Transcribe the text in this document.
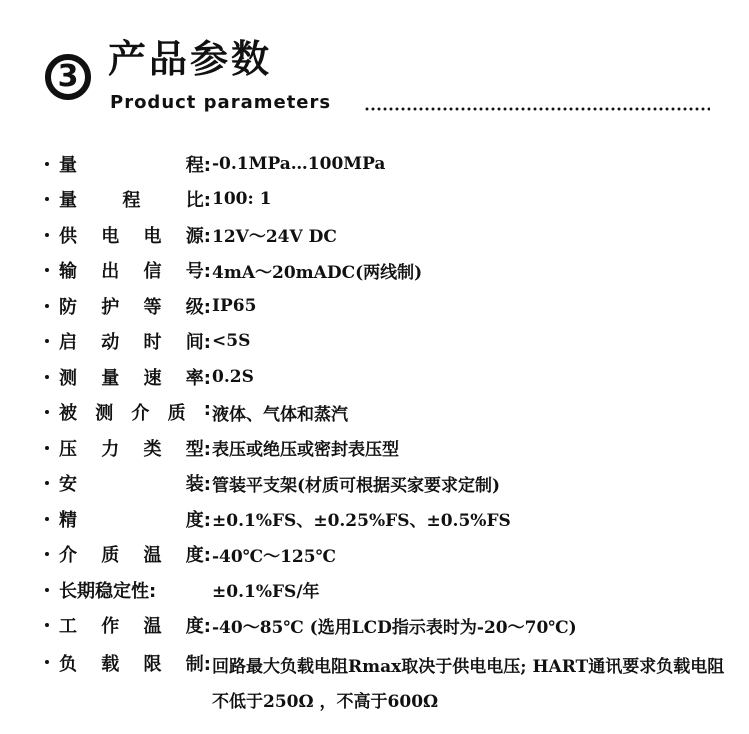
3 产品参数
Product parameters
量	程: -0.1MPa…100MPa
量	程	比: 100: 1
供 电 电 源: 12V～24V DC
输 出 信 号: 4mA～20mADC(两线制)
防 护 等 级: IP65
启 动 时 间: <5S
测 量 速 率: 0.2S
被 测 介 质 : 液体、气体和蒸汽
压 力 类 型: 表压或绝压或密封表压型
安	装: 管装平支架(材质可根据买家要求定制)
精	度: ±0.1%FS、±0.25%FS、±0.5%FS
介 质 温 度: -40℃～125℃
长期稳定性:	±0.1%FS/年
工 作 温 度: -40～85℃ (选用LCD指示表时为-20～70℃)
负 载 限 制: 回路最大负载电阻Rmax取决于供电电压; HART通讯要求负载电阻不低于250Ω ，不高于600Ω
